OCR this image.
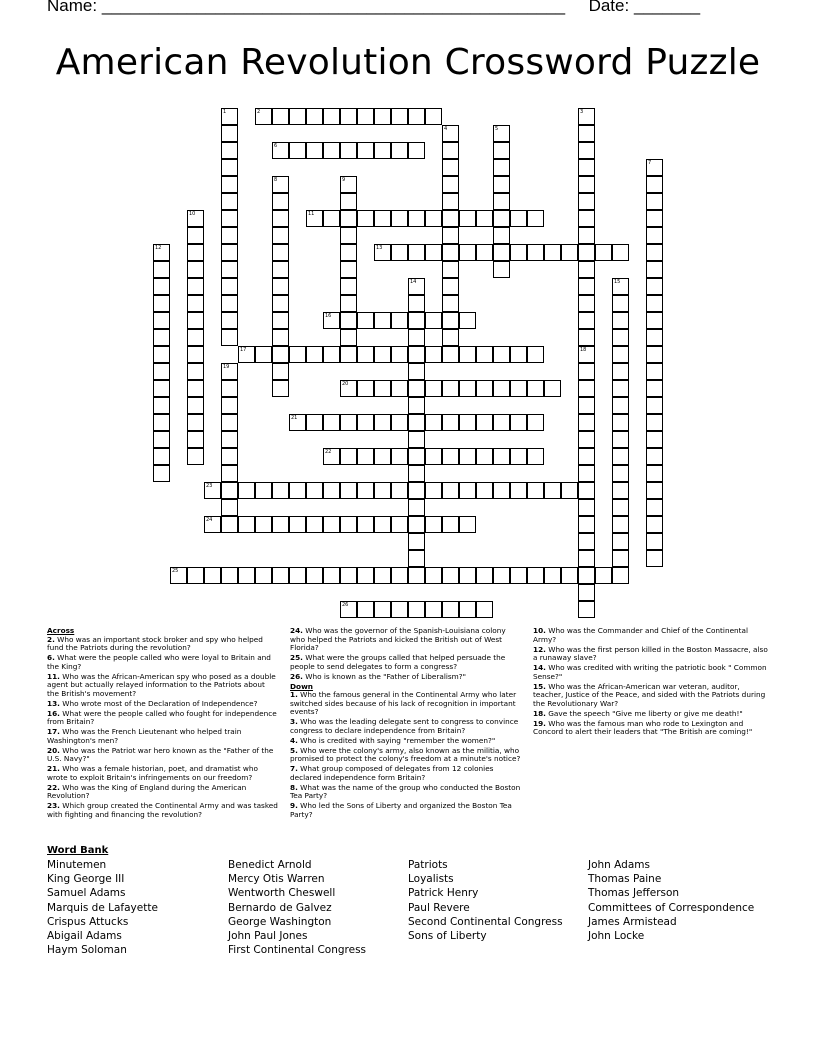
Name: _________________________________________________ Date: _______
American Revolution Crossword Puzzle
1	2	3
18
4	5
6
7
8	9
10	11
12	13
14	15
16
17
19
20
21
22
23
24
25
26
Across
2. Who was an important stock broker and spy who helped fund the Patriots during the revolution?
6. What were the people called who were loyal to Britain and the King?
11. Who was the African-American spy who posed as a double agent but actually relayed information to the Patriots about the British's movement?
13. Who wrote most of the Declaration of Independence?
16. What were the people called who fought for independence from Britain?
17. Who was the French Lieutenant who helped train Washington's men?
20. Who was the Patriot war hero known as the "Father of the U.S. Navy?"
21. Who was a female historian, poet, and dramatist who wrote to exploit Britain's infringements on our freedom?
22. Who was the King of England during the American Revolution?
23. Which group created the Continental Army and was tasked with fighting and financing the revolution?
24. Who was the governor of the Spanish-Louisiana colony who helped the Patriots and kicked the British out of West Florida?
25. What were the groups called that helped persuade the people to send delegates to form a congress?
26. Who is known as the "Father of Liberalism?"
Down
1. Who the famous general in the Continental Army who later switched sides because of his lack of recognition in important events?
3. Who was the leading delegate sent to congress to convince congress to declare independence from Britain?
4. Who is credited with saying "remember the women?"
5. Who were the colony's army, also known as the militia, who promised to protect the colony's freedom at a minute's notice?
7. What group composed of delegates from 12 colonies declared independence form Britain?
8. What was the name of the group who conducted the Boston Tea Party?
9. Who led the Sons of Liberty and organized the Boston Tea Party?
10. Who was the Commander and Chief of the Continental Army?
12. Who was the first person killed in the Boston Massacre, also a runaway slave?
14. Who was credited with writing the patriotic book " Common Sense?"
15. Who was the African-American war veteran, auditor, teacher, Justice of the Peace, and sided with the Patriots during the Revolutionary War?
18. Gave the speech "Give me liberty or give me death!"
19. Who was the famous man who rode to Lexington and Concord to alert their leaders that "The British are coming!"
Word Bank
Minutemen
King George III
Samuel Adams
Marquis de Lafayette
Crispus Attucks
Abigail Adams
Haym Soloman
Benedict Arnold
Mercy Otis Warren
Wentworth Cheswell
Bernardo de Galvez
George Washington
John Paul Jones
First Continental Congress
Patriots
Loyalists
Patrick Henry
Paul Revere
Second Continental Congress
Sons of Liberty
John Adams
Thomas Paine
Thomas Jefferson
Committees of Correspondence
James Armistead
John Locke
